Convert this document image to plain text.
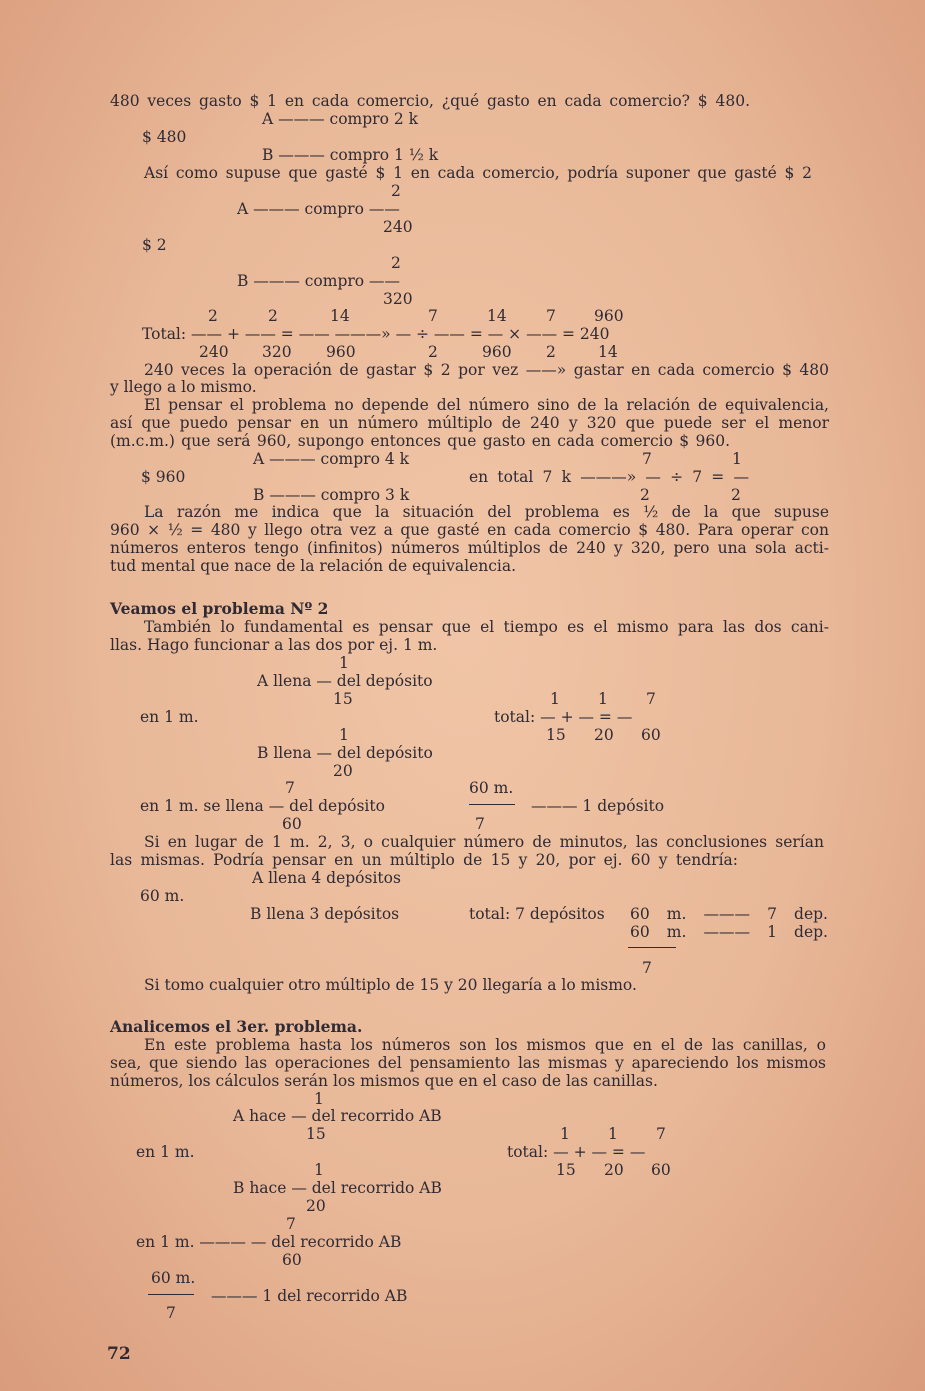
480 veces gasto $ 1 en cada comercio, ¿qué gasto en cada comercio? $ 480.
A ——— compro 2 k
$ 480
B ——— compro 1 ½ k
Así como supuse que gasté $ 1 en cada comercio, podría suponer que gasté $ 2
2
A ——— compro ——
240
$ 2
2
B ——— compro ——
320
2	2	14	7	14	7 960
Total: —— + —— = —— ———» — ÷ —— = — × —— = 240
240 320 960	2	960 2	14
240 veces la operación de gastar $ 2 por vez ——» gastar en cada comercio $ 480
y llego a lo mismo.
El pensar el problema no depende del número sino de la relación de equivalencia,
así que puedo pensar en un número múltiplo de 240 y 320 que puede ser el menor
(m.c.m.) que será 960, supongo entonces que gasto en cada comercio $ 960.
A ——— compro 4 k	7	1
$ 960	en total 7 k ———» — ÷ 7 = —
B ——— compro 3 k	2	2
La razón me indica que la situación del problema es ½ de la que supuse
960 × ½ = 480 y llego otra vez a que gasté en cada comercio $ 480. Para operar con
números enteros tengo (infinitos) números múltiplos de 240 y 320, pero una sola acti-
tud mental que nace de la relación de equivalencia.
Veamos el problema Nº 2
También lo fundamental es pensar que el tiempo es el mismo para las dos cani-
llas. Hago funcionar a las dos por ej. 1 m.
1
A llena — del depósito
15	1 1 7
en 1 m.	total: — + — = —
1	15 20 60
B llena — del depósito
20
7	60 m.
en 1 m. se llena — del depósito	——— 1 depósito
60	7
Si en lugar de 1 m. 2, 3, o cualquier número de minutos, las conclusiones serían
las mismas. Podría pensar en un múltiplo de 15 y 20, por ej. 60 y tendría:
A llena 4 depósitos
60 m.
B llena 3 depósitos	total: 7 depósitos 60 m. ——— 7 dep.
60 m. ——— 1 dep.
7
Si tomo cualquier otro múltiplo de 15 y 20 llegaría a lo mismo.
Analicemos el 3er. problema.
En este problema hasta los números son los mismos que en el de las canillas, o
sea, que siendo las operaciones del pensamiento las mismas y apareciendo los mismos
números, los cálculos serán los mismos que en el caso de las canillas.
1
A hace — del recorrido AB
15	1 1 7
en 1 m.	total: — + — = —
1	15 20 60
B hace — del recorrido AB
20
7
en 1 m. ——— — del recorrido AB
60
60 m.
——— 1 del recorrido AB
7
72
